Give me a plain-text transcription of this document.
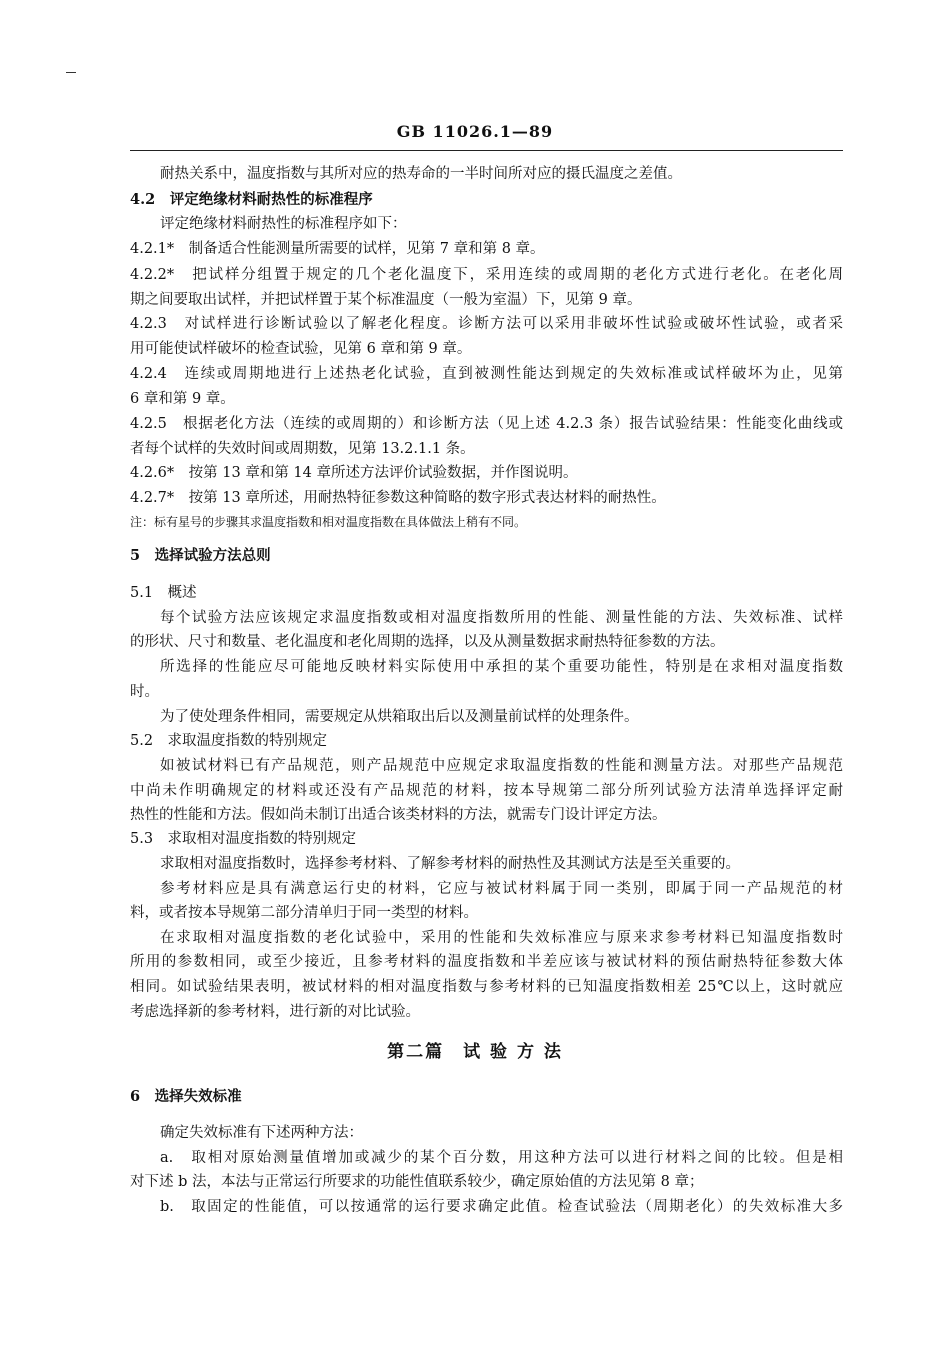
GB 11026.1—89
耐热关系中，温度指数与其所对应的热寿命的一半时间所对应的摄氏温度之差值。
4.2　评定绝缘材料耐热性的标准程序
评定绝缘材料耐热性的标准程序如下：
4.2.1*　制备适合性能测量所需要的试样，见第 7 章和第 8 章。
4.2.2*　把试样分组置于规定的几个老化温度下，采用连续的或周期的老化方式进行老化。在老化周
期之间要取出试样，并把试样置于某个标准温度（一般为室温）下，见第 9 章。
4.2.3　对试样进行诊断试验以了解老化程度。诊断方法可以采用非破坏性试验或破坏性试验，或者采
用可能使试样破坏的检查试验，见第 6 章和第 9 章。
4.2.4　连续或周期地进行上述热老化试验，直到被测性能达到规定的失效标准或试样破坏为止，见第
6 章和第 9 章。
4.2.5　根据老化方法（连续的或周期的）和诊断方法（见上述 4.2.3 条）报告试验结果：性能变化曲线或
者每个试样的失效时间或周期数，见第 13.2.1.1 条。
4.2.6*　按第 13 章和第 14 章所述方法评价试验数据，并作图说明。
4.2.7*　按第 13 章所述，用耐热特征参数这种简略的数字形式表达材料的耐热性。
注：标有星号的步骤其求温度指数和相对温度指数在具体做法上稍有不同。
5　选择试验方法总则
5.1　概述
每个试验方法应该规定求温度指数或相对温度指数所用的性能、测量性能的方法、失效标准、试样
的形状、尺寸和数量、老化温度和老化周期的选择，以及从测量数据求耐热特征参数的方法。
所选择的性能应尽可能地反映材料实际使用中承担的某个重要功能性，特别是在求相对温度指数
时。
为了使处理条件相同，需要规定从烘箱取出后以及测量前试样的处理条件。
5.2　求取温度指数的特别规定
如被试材料已有产品规范，则产品规范中应规定求取温度指数的性能和测量方法。对那些产品规范
中尚未作明确规定的材料或还没有产品规范的材料，按本导规第二部分所列试验方法清单选择评定耐
热性的性能和方法。假如尚未制订出适合该类材料的方法，就需专门设计评定方法。
5.3　求取相对温度指数的特别规定
求取相对温度指数时，选择参考材料、了解参考材料的耐热性及其测试方法是至关重要的。
参考材料应是具有满意运行史的材料，它应与被试材料属于同一类别，即属于同一产品规范的材
料，或者按本导规第二部分清单归于同一类型的材料。
在求取相对温度指数的老化试验中，采用的性能和失效标准应与原来求参考材料已知温度指数时
所用的参数相同，或至少接近，且参考材料的温度指数和半差应该与被试材料的预估耐热特征参数大体
相同。如试验结果表明，被试材料的相对温度指数与参考材料的已知温度指数相差 25℃以上，这时就应
考虑选择新的参考材料，进行新的对比试验。
第二篇　试 验 方 法
6　选择失效标准
确定失效标准有下述两种方法：
a.　取相对原始测量值增加或减少的某个百分数，用这种方法可以进行材料之间的比较。但是相
对下述 b 法，本法与正常运行所要求的功能性值联系较少，确定原始值的方法见第 8 章；
b.　取固定的性能值，可以按通常的运行要求确定此值。检查试验法（周期老化）的失效标准大多
